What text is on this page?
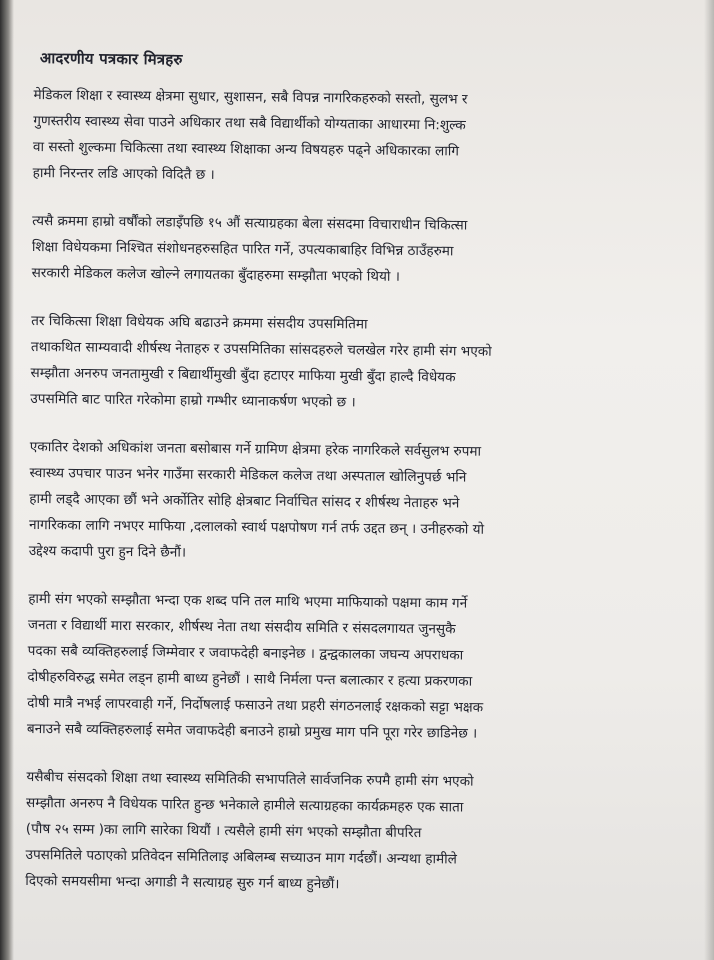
आदरणीय पत्रकार मित्रहरु
मेडिकल शिक्षा र स्वास्थ्य क्षेत्रमा सुधार, सुशासन, सबै विपन्न नागरिकहरुको सस्तो, सुलभ र
गुणस्तरीय स्वास्थ्य सेवा पाउने अधिकार तथा सबै विद्यार्थीको योग्यताका आधारमा नि:शुल्क
वा सस्तो शुल्कमा चिकित्सा तथा स्वास्थ्य शिक्षाका अन्य विषयहरु पढ्ने अधिकारका लागि
हामी निरन्तर लडि आएको विदितै छ ।
त्यसै क्रममा हाम्रो वर्षौंको लडाइँपछि १५ औं सत्याग्रहका बेला संसदमा विचाराधीन चिकित्सा
शिक्षा विधेयकमा निश्चित संशोधनहरुसहित पारित गर्ने, उपत्यकाबाहिर विभिन्न ठाउँहरुमा
सरकारी मेडिकल कलेज खोल्ने लगायतका बुँदाहरुमा सम्झौता भएको थियो ।
तर चिकित्सा शिक्षा विधेयक अघि बढाउने क्रममा संसदीय उपसमितिमा
तथाकथित साम्यवादी शीर्षस्थ नेताहरु र उपसमितिका सांसदहरुले चलखेल गरेर हामी संग भएको
सम्झौता अनरुप जनतामुखी र बिद्यार्थीमुखी बुँदा हटाएर माफिया मुखी बुँदा हाल्दै विधेयक
उपसमिति बाट पारित गरेकोमा हाम्रो गम्भीर ध्यानाकर्षण भएको छ ।
एकातिर देशको अधिकांश जनता बसोबास गर्ने ग्रामिण क्षेत्रमा हरेक नागरिकले सर्वसुलभ रुपमा
स्वास्थ्य उपचार पाउन भनेर गाउँमा सरकारी मेडिकल कलेज तथा अस्पताल खोलिनुपर्छ भनि
हामी लड्दै आएका छौं भने अर्कोतिर सोहि क्षेत्रबाट निर्वाचित सांसद र शीर्षस्थ नेताहरु भने
नागरिकका लागि नभएर माफिया ,दलालको स्वार्थ पक्षपोषण गर्न तर्फ उद्दत छन् । उनीहरुको यो
उद्देश्य कदापी पुरा हुन दिने छैनौं।
हामी संग भएको सम्झौता भन्दा एक शब्द पनि तल माथि भएमा माफियाको पक्षमा काम गर्ने
जनता र विद्यार्थी मारा सरकार, शीर्षस्थ नेता तथा संसदीय समिति र संसदलगायत जुनसुकै
पदका सबै व्यक्तिहरुलाई जिम्मेवार र जवाफदेही बनाइनेछ । द्वन्द्वकालका जघन्य अपराधका
दोषीहरुविरुद्ध समेत लड्न हामी बाध्य हुनेछौं । साथै निर्मला पन्त बलात्कार र हत्या प्रकरणका
दोषी मात्रै नभई लापरवाही गर्ने, निर्दोषलाई फसाउने तथा प्रहरी संगठनलाई रक्षकको सट्टा भक्षक
बनाउने सबै व्यक्तिहरुलाई समेत जवाफदेही बनाउने हाम्रो प्रमुख माग पनि पूरा गरेर छाडिनेछ ।
यसैबीच संसदको शिक्षा तथा स्वास्थ्य समितिकी सभापतिले सार्वजनिक रुपमै हामी संग भएको
सम्झौता अनरुप नै विधेयक पारित हुन्छ भनेकाले हामीले सत्याग्रहका कार्यक्रमहरु एक साता
(पौष २५ सम्म )का लागि सारेका थियौं । त्यसैले हामी संग भएको सम्झौता बीपरित
उपसमितिले पठाएको प्रतिवेदन समितिलाइ अबिलम्ब सच्याउन माग गर्दछौं। अन्यथा हामीले
दिएको समयसीमा भन्दा अगाडी नै सत्याग्रह सुरु गर्न बाध्य हुनेछौं।
